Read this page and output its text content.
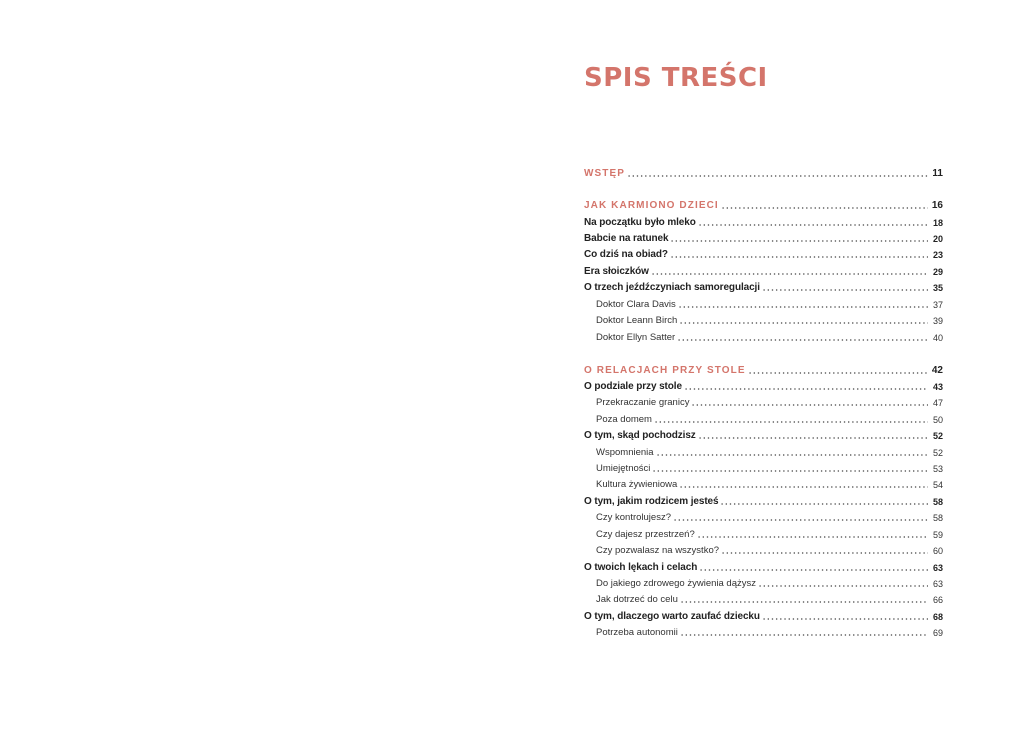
SPIS TREŚCI
WSTĘP	11
JAK KARMIONO DZIECI	16
Na początku było mleko	18
Babcie na ratunek	20
Co dziś na obiad?	23
Era słoiczków	29
O trzech jeźdźczyniach samoregulacji	35
Doktor Clara Davis	37
Doktor Leann Birch	39
Doktor Ellyn Satter	40
O RELACJACH PRZY STOLE	42
O podziale przy stole	43
Przekraczanie granicy	47
Poza domem	50
O tym, skąd pochodzisz	52
Wspomnienia	52
Umiejętności	53
Kultura żywieniowa	54
O tym, jakim rodzicem jesteś	58
Czy kontrolujesz?	58
Czy dajesz przestrzeń?	59
Czy pozwalasz na wszystko?	60
O twoich lękach i celach	63
Do jakiego zdrowego żywienia dążysz	63
Jak dotrzeć do celu	66
O tym, dlaczego warto zaufać dziecku	68
Potrzeba autonomii	69
